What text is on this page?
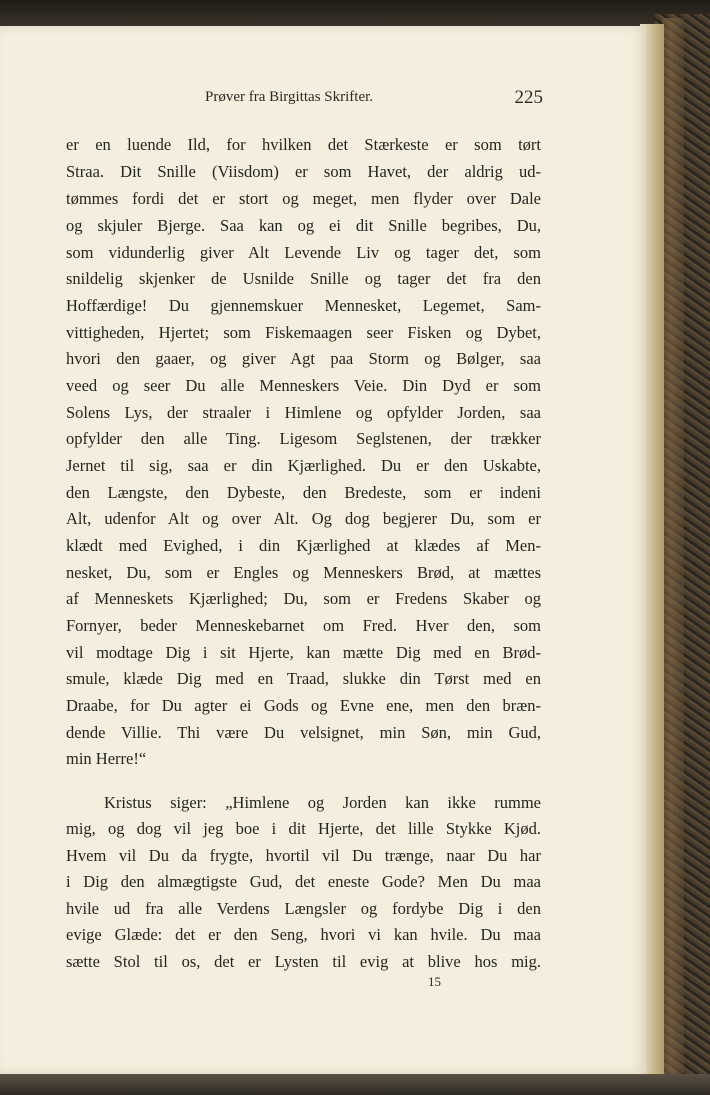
Prøver fra Birgittas Skrifter.	225
er en luende Ild, for hvilken det Stærkeste er som tørt
Straa. Dit Snille (Viisdom) er som Havet, der aldrig ud-
tømmes fordi det er stort og meget, men flyder over Dale
og skjuler Bjerge. Saa kan og ei dit Snille begribes, Du,
som vidunderlig giver Alt Levende Liv og tager det, som
snildelig skjenker de Usnilde Snille og tager det fra den
Hoffærdige! Du gjennemskuer Mennesket, Legemet, Sam-
vittigheden, Hjertet; som Fiskemaagen seer Fisken og Dybet,
hvori den gaaer, og giver Agt paa Storm og Bølger, saa
veed og seer Du alle Menneskers Veie. Din Dyd er som
Solens Lys, der straaler i Himlene og opfylder Jorden, saa
opfylder den alle Ting. Ligesom Seglstenen, der trækker
Jernet til sig, saa er din Kjærlighed. Du er den Uskabte,
den Længste, den Dybeste, den Bredeste, som er indeni
Alt, udenfor Alt og over Alt. Og dog begjerer Du, som er
klædt med Evighed, i din Kjærlighed at klædes af Men-
nesket, Du, som er Engles og Menneskers Brød, at mættes
af Menneskets Kjærlighed; Du, som er Fredens Skaber og
Fornyer, beder Menneskebarnet om Fred. Hver den, som
vil modtage Dig i sit Hjerte, kan mætte Dig med en Brød-
smule, klæde Dig med en Traad, slukke din Tørst med en
Draabe, for Du agter ei Gods og Evne ene, men den bræn-
dende Villie. Thi være Du velsignet, min Søn, min Gud,
min Herre!“
Kristus siger: „Himlene og Jorden kan ikke rumme
mig, og dog vil jeg boe i dit Hjerte, det lille Stykke Kjød.
Hvem vil Du da frygte, hvortil vil Du trænge, naar Du har
i Dig den almægtigste Gud, det eneste Gode? Men Du maa
hvile ud fra alle Verdens Længsler og fordybe Dig i den
evige Glæde: det er den Seng, hvori vi kan hvile. Du maa
sætte Stol til os, det er Lysten til evig at blive hos mig.
15
